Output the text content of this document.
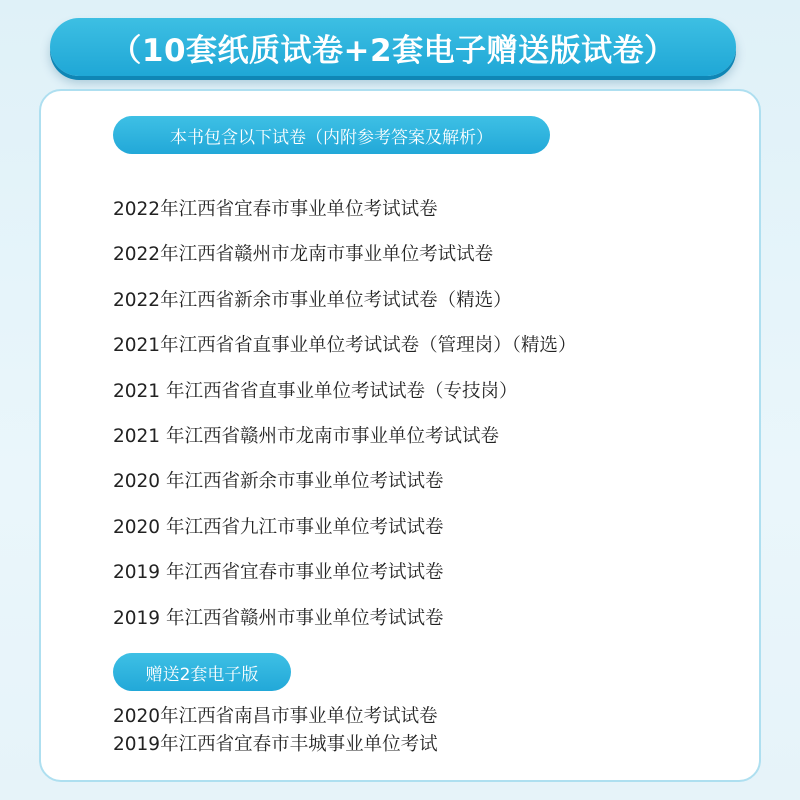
（10套纸质试卷+2套电子赠送版试卷）
本书包含以下试卷（内附参考答案及解析）
2022年江西省宜春市事业单位考试试卷
2022年江西省赣州市龙南市事业单位考试试卷
2022年江西省新余市事业单位考试试卷（精选）
2021年江西省省直事业单位考试试卷（管理岗）（精选）
2021 年江西省省直事业单位考试试卷（专技岗）
2021 年江西省赣州市龙南市事业单位考试试卷
2020 年江西省新余市事业单位考试试卷
2020 年江西省九江市事业单位考试试卷
2019 年江西省宜春市事业单位考试试卷
2019 年江西省赣州市事业单位考试试卷
赠送2套电子版
2020年江西省南昌市事业单位考试试卷
2019年江西省宜春市丰城事业单位考试
